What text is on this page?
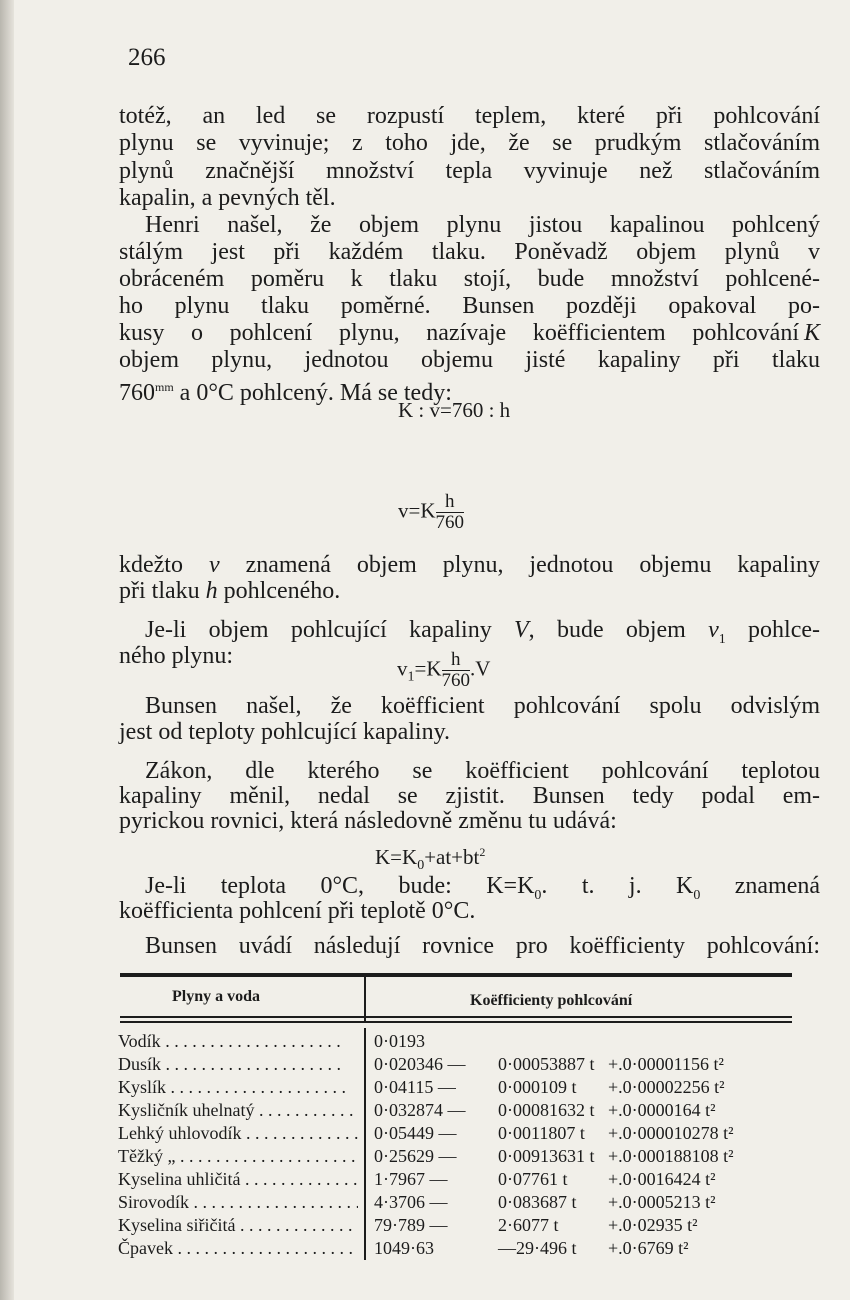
266
totéž, an led se rozpustí teplem, které při pohlcování
plynu se vyvinuje; z toho jde, že se prudkým stlačováním
plynů značnější množství tepla vyvinuje než stlačováním
kapalin, a pevných těl.
Henri našel, že objem plynu jistou kapalinou pohlcený
stálým jest při každém tlaku. Poněvadž objem plynů v
obráceném poměru k tlaku stojí, bude množství pohlcené-
ho plynu tlaku poměrné. Bunsen později opakoval po-
kusy o pohlcení plynu, nazívaje koëfficientem pohlcování K
objem plynu, jednotou objemu jisté kapaliny při tlaku
$760^{mm}$ a 0°C pohlcený. Má se tedy:
K : v=760 : h
$v=K \frac{h}{760}$
kdežto v znamená objem plynu, jednotou objemu kapaliny
při tlaku h pohlceného.
Je-li objem pohlcující kapaliny V, bude objem $v_1$ pohlce-
ného plynu:	$v_1=K \frac{h}{760} .V$
Bunsen našel, že koëfficient pohlcování spolu odvislým
jest od teploty pohlcující kapaliny.
Zákon, dle kterého se koëfficient pohlcování teplotou
kapaliny měnil, nedal se zjistit. Bunsen tedy podal em-
pyrickou rovnici, která následovně změnu tu udává:
$K=K_0+at+bt^2$
Je-li teplota 0°C, bude: $K=K_0$. t. j. $K_0$ znamená
koëfficienta pohlcení při teplotě 0°C.
Bunsen uvádí následují rovnice pro koëfficienty pohlcování:
Plyny a voda	Koëfficienty pohlcování
Vodík . . .	0·0193
Dusík . . .	0·020346 — 0·00053887 t +.0·00001156 t²
Kyslík . . .	0·04115 — 0·000109 t +.0·00002256 t²
Kysličník uhelnatý . . .	0·032874 — 0·00081632 t +.0·0000164 t²
Lehký uhlovodík . . .	0·05449 — 0·0011807 t +.0·000010278 t²
Těžký „ . . .	0·25629 — 0·00913631 t +.0·000188108 t²
Kyselina uhličitá . . .	1·7967 —	0·07761 t +.0·0016424 t²
Sirovodík . . .	4·3706 —	0·083687 t +.0·0005213 t²
Kyselina siřičitá . . .	79·789 —	2·6077 t	+.0·02935 t²
Čpavek . . .	1049·63	—29·496 t +.0·6769 t²
